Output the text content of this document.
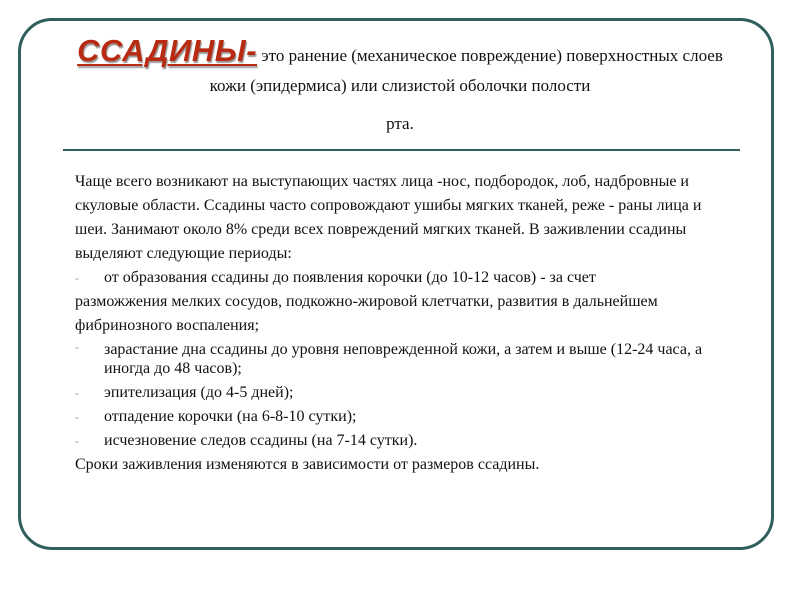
ССАДИНЫ- это ранение (механическое повреждение) поверхностных слоев кожи (эпидермиса) или слизистой оболочки полости
рта.

Чаще всего возникают на выступающих частях лица -нос, подбородок, лоб, надбровные и скуловые области. Ссадины часто сопровождают ушибы мягких тканей, реже - раны лица и шеи. Занимают около 8% среди всех повреждений мягких тканей. В заживлении ссадины выделяют следующие периоды:

- от образования ссадины до появления корочки (до 10-12 часов) - за счет

разможжения мелких сосудов, подкожно-жировой клетчатки, развития в дальнейшем фибринозного воспаления;

- зарастание дна ссадины до уровня неповрежденной кожи, а затем и выше (12-24 часа, а иногда до 48 часов);
- эпителизация (до 4-5 дней);
- отпадение корочки (на 6-8-10 сутки);
- исчезновение следов ссадины (на 7-14 сутки).

Сроки заживления изменяются в зависимости от размеров ссадины.
